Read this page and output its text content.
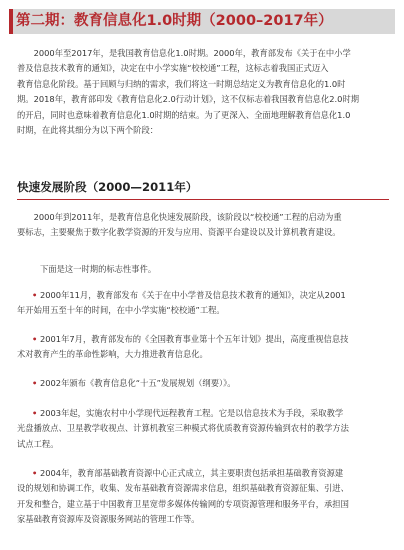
第二期：教育信息化1.0时期（2000–2017年）

2000年至2017年，是我国教育信息化1.0时期。2000年，教育部发布《关于在中小学
普及信息技术教育的通知》，决定在中小学实施“校校通”工程，这标志着我国正式迈入
教育信息化阶段。基于回顾与归纳的需求，我们将这一时期总结定义为教育信息化的1.0时
期。2018年，教育部印发《教育信息化2.0行动计划》，这不仅标志着我国教育信息化2.0时期
的开启，同时也意味着教育信息化1.0时期的结束。为了更深入、全面地理解教育信息化1.0
时期，在此将其细分为以下两个阶段：

快速发展阶段（2000—2011年）

2000年到2011年，是教育信息化快速发展阶段，该阶段以“校校通”工程的启动为重
要标志，主要聚焦于数字化教学资源的开发与应用、资源平台建设以及计算机教育建设。

下面是这一时期的标志性事件。

• 2000年11月，教育部发布《关于在中小学普及信息技术教育的通知》，决定从2001
年开始用五至十年的时间，在中小学实施“校校通”工程。

• 2001年7月，教育部发布的《全国教育事业第十个五年计划》提出，高度重视信息技
术对教育产生的革命性影响，大力推进教育信息化。

• 2002年颁布《教育信息化“十五”发展规划（纲要）》。

• 2003年起，实施农村中小学现代远程教育工程。它是以信息技术为手段，采取教学
光盘播放点、卫星教学收视点、计算机教室三种模式将优质教育资源传输到农村的教学方法
试点工程。

• 2004年，教育部基础教育资源中心正式成立，其主要职责包括承担基础教育资源建
设的规划和协调工作，收集、发布基础教育资源需求信息，组织基础教育资源征集、引进、
开发和整合，建立基于中国教育卫星宽带多媒体传输网的专项资源管理和服务平台，承担国
家基础教育资源库及资源服务网站的管理工作等。
